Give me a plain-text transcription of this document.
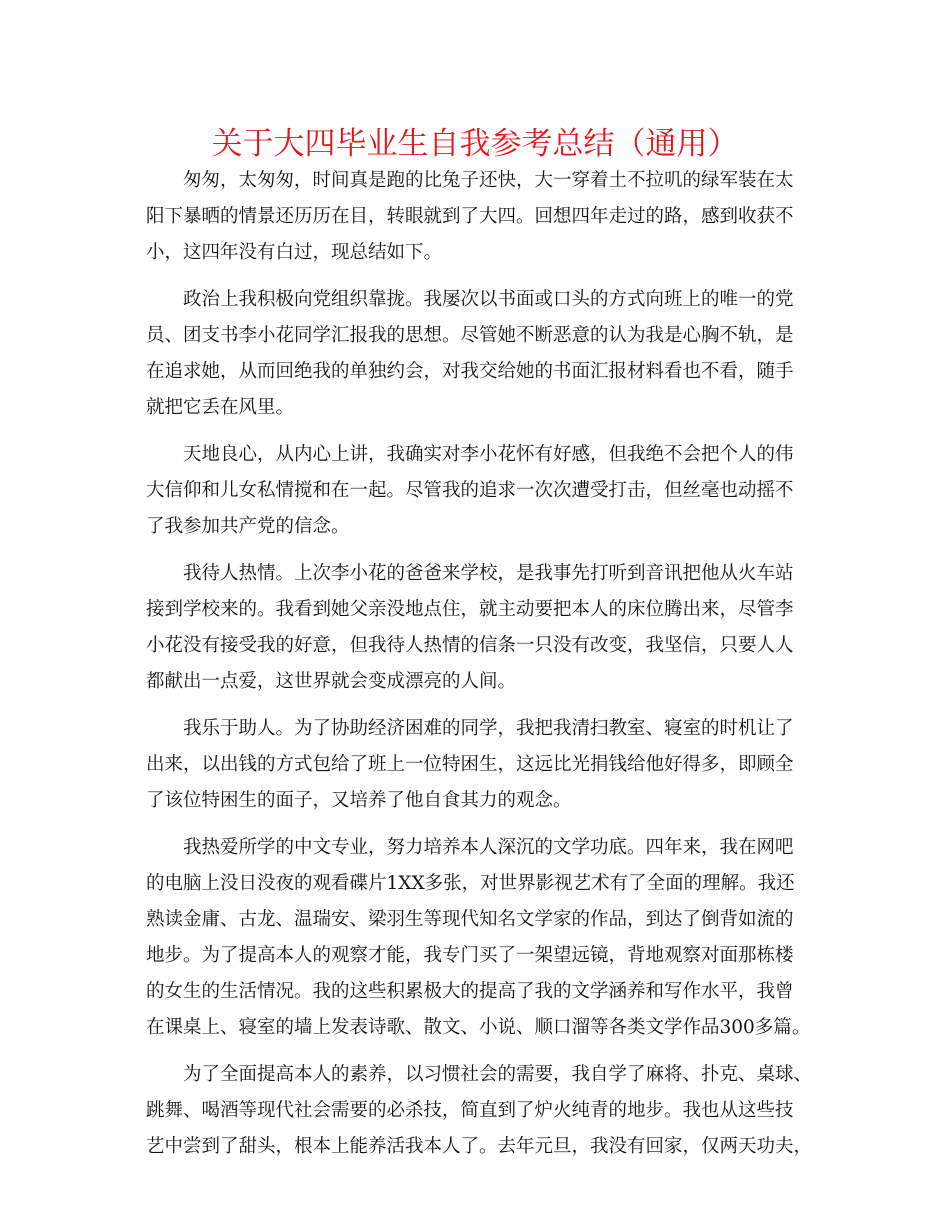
关于大四毕业生自我参考总结（通用）
匆匆，太匆匆，时间真是跑的比兔子还快，大一穿着土不拉叽的绿军装在太
阳下暴晒的情景还历历在目，转眼就到了大四。回想四年走过的路，感到收获不
小，这四年没有白过，现总结如下。
政治上我积极向党组织靠拢。我屡次以书面或口头的方式向班上的唯一的党
员、团支书李小花同学汇报我的思想。尽管她不断恶意的认为我是心胸不轨，是
在追求她，从而回绝我的单独约会，对我交给她的书面汇报材料看也不看，随手
就把它丢在风里。
天地良心，从内心上讲，我确实对李小花怀有好感，但我绝不会把个人的伟
大信仰和儿女私情搅和在一起。尽管我的追求一次次遭受打击，但丝毫也动摇不
了我参加共产党的信念。
我待人热情。上次李小花的爸爸来学校，是我事先打听到音讯把他从火车站
接到学校来的。我看到她父亲没地点住，就主动要把本人的床位腾出来，尽管李
小花没有接受我的好意，但我待人热情的信条一只没有改变，我坚信，只要人人
都献出一点爱，这世界就会变成漂亮的人间。
我乐于助人。为了协助经济困难的同学，我把我清扫教室、寝室的时机让了
出来，以出钱的方式包给了班上一位特困生，这远比光捐钱给他好得多，即顾全
了该位特困生的面子，又培养了他自食其力的观念。
我热爱所学的中文专业，努力培养本人深沉的文学功底。四年来，我在网吧
的电脑上没日没夜的观看碟片1XX多张，对世界影视艺术有了全面的理解。我还
熟读金庸、古龙、温瑞安、梁羽生等现代知名文学家的作品，到达了倒背如流的
地步。为了提高本人的观察才能，我专门买了一架望远镜，背地观察对面那栋楼
的女生的生活情况。我的这些积累极大的提高了我的文学涵养和写作水平，我曾
在课桌上、寝室的墙上发表诗歌、散文、小说、顺口溜等各类文学作品300多篇。
为了全面提高本人的素养，以习惯社会的需要，我自学了麻将、扑克、桌球、
跳舞、喝酒等现代社会需要的必杀技，简直到了炉火纯青的地步。我也从这些技
艺中尝到了甜头，根本上能养活我本人了。去年元旦，我没有回家，仅两天功夫，
